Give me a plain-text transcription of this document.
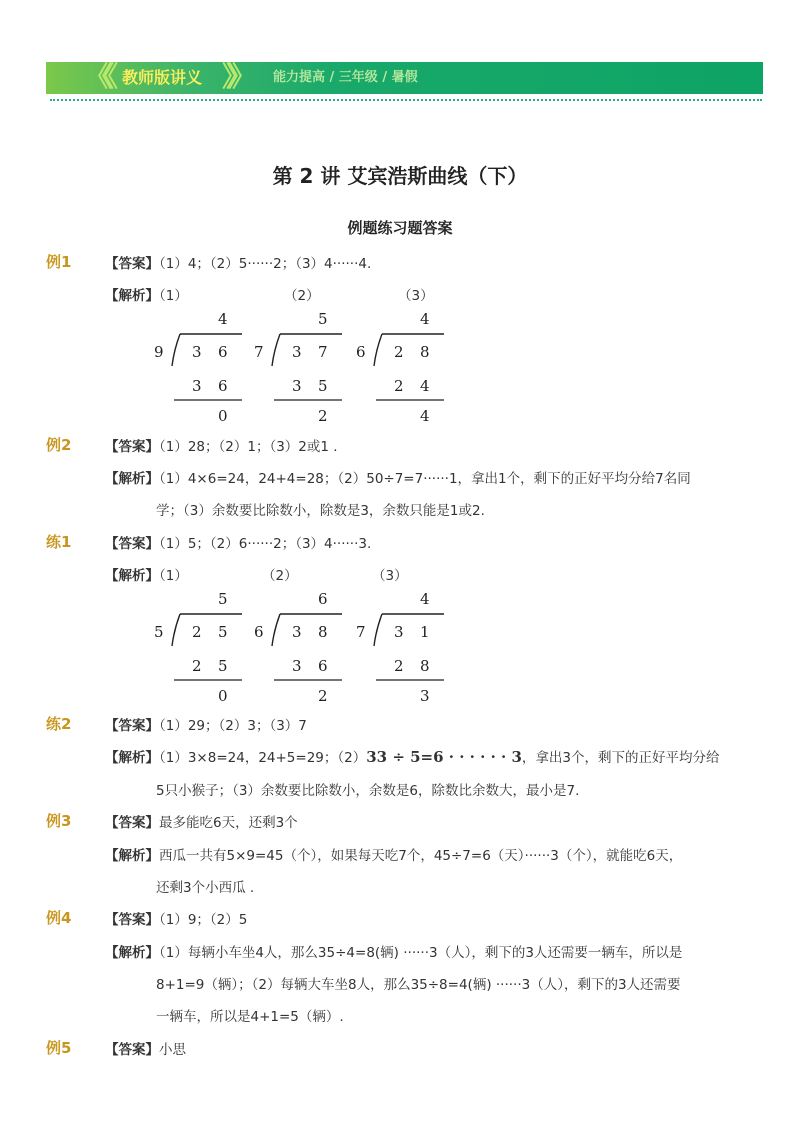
《《 教师版讲义 》》 能力提高 / 三年级 / 暑假
第 2 讲 艾宾浩斯曲线（下）
例题练习题答案
例1 【答案】（1）4；（2）5······2；（3）4······4.
【解析】（1）	（2）	（3）
4
9 3 6
3 6
0
5
7 3 7
3 5
2
4
6 2 8
2 4
4
例2 【答案】（1）28；（2）1；（3）2或1 .
【解析】（1）4×6=24，24+4=28；（2）50÷7=7······1，拿出1个，剩下的正好平均分给7名同
学；（3）余数要比除数小，除数是3，余数只能是1或2.
练1 【答案】（1）5；（2）6······2；（3）4······3.
【解析】（1）	（2）	（3）
5
5 2 5
2 5
0
6
6 3 8
3 6
2
4
7 3 1
2 8
3
练2 【答案】（1）29；（2）3；（3）7
【解析】（1）3×8=24，24+5=29；（2）33 ÷ 5=6 · · · · · · 3，拿出3个，剩下的正好平均分给
5只小猴子；（3）余数要比除数小，余数是6，除数比余数大，最小是7.
例3 【答案】最多能吃6天，还剩3个
【解析】西瓜一共有5×9=45（个），如果每天吃7个，45÷7=6（天）······3（个），就能吃6天，
还剩3个小西瓜 .
例4 【答案】（1）9；（2）5
【解析】（1）每辆小车坐4人，那么35÷4=8(辆) ······3（人），剩下的3人还需要一辆车，所以是
8+1=9（辆）；（2）每辆大车坐8人，那么35÷8=4(辆) ······3（人），剩下的3人还需要
一辆车，所以是4+1=5（辆）.
例5 【答案】小思
